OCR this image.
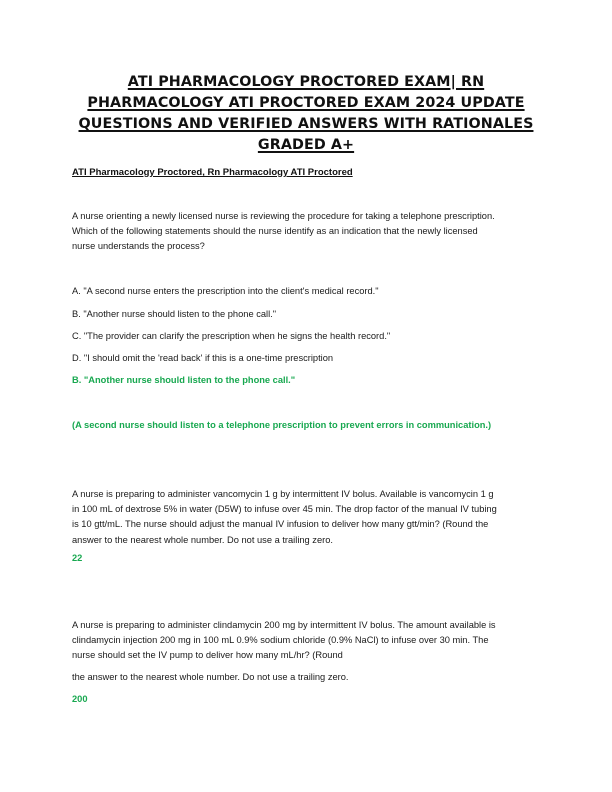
ATI PHARMACOLOGY PROCTORED EXAM| RN
PHARMACOLOGY ATI PROCTORED EXAM 2024 UPDATE
QUESTIONS AND VERIFIED ANSWERS WITH RATIONALES
GRADED A+
ATI Pharmacology Proctored, Rn Pharmacology ATI Proctored
A nurse orienting a newly licensed nurse is reviewing the procedure for taking a telephone prescription.
Which of the following statements should the nurse identify as an indication that the newly licensed
nurse understands the process?
A. "A second nurse enters the prescription into the client's medical record."
B. "Another nurse should listen to the phone call."
C. "The provider can clarify the prescription when he signs the health record."
D. "I should omit the 'read back' if this is a one-time prescription
B. "Another nurse should listen to the phone call."
(A second nurse should listen to a telephone prescription to prevent errors in communication.)
A nurse is preparing to administer vancomycin 1 g by intermittent IV bolus. Available is vancomycin 1 g
in 100 mL of dextrose 5% in water (D5W) to infuse over 45 min. The drop factor of the manual IV tubing
is 10 gtt/mL. The nurse should adjust the manual IV infusion to deliver how many gtt/min? (Round the
answer to the nearest whole number. Do not use a trailing zero.
22
A nurse is preparing to administer clindamycin 200 mg by intermittent IV bolus. The amount available is
clindamycin injection 200 mg in 100 mL 0.9% sodium chloride (0.9% NaCl) to infuse over 30 min. The
nurse should set the IV pump to deliver how many mL/hr? (Round
the answer to the nearest whole number. Do not use a trailing zero.
200
